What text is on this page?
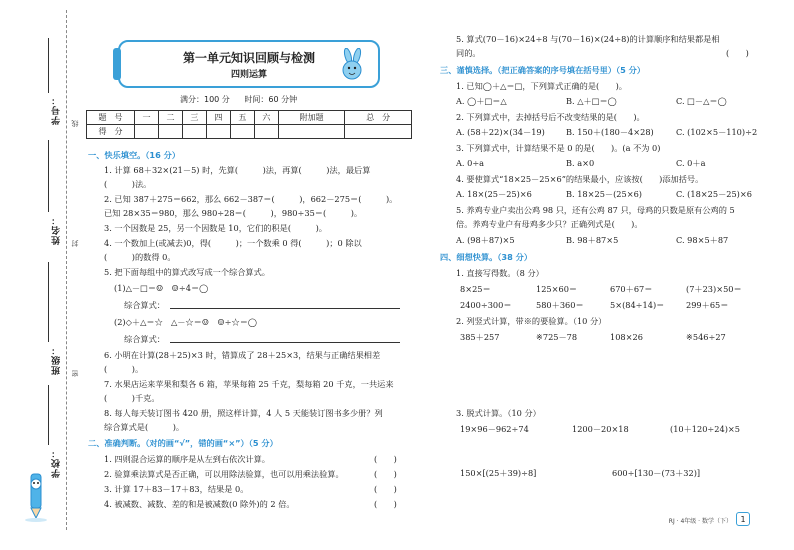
学号：
姓名：
班级：
学校：
线
封
密
第一单元知识回顾与检测
四则运算
满分：100 分 时间：60 分钟
题　号	一	二	三	四	五	六	附加题	总　分
得　分								
一、快乐填空。（16 分）
1. 计算 68＋32×(21－5) 时，先算(　　　)法，再算(　　　)法，最后算
(　　　)法。
2. 已知 387＋275＝662，那么 662－387＝(　　　)，662－275＝(　　　)。
已知 28×35＝980，那么 980÷28＝(　　　)，980÷35＝(　　　)。
3. 一个因数是 25，另一个因数是 10，它们的积是(　　　)。
4. 一个数加上(或减去)0，得(　　　)；一个数乘 0 得(　　　)；0 除以
(　　　)的数得 0。
5. 把下面每组中的算式改写成一个综合算式。
(1)△－□＝☺　☺÷4＝◯
综合算式：
(2)◇＋△＝☆　△－☆＝☺　☺÷☆＝◯
综合算式：
6. 小明在计算(28＋25)×3 时，错算成了 28＋25×3，结果与正确结果相差
(　　　)。
7. 水果店运来苹果和梨各 6 箱，苹果每箱 25 千克，梨每箱 20 千克，一共运来
(　　　)千克。
8. 每人每天装订图书 420 册，照这样计算，4 人 5 天能装订图书多少册？列
综合算式是(　　　)。
二、准确判断。（对的画“√”，错的画“×”）（5 分）
1. 四则混合运算的顺序是从左到右依次计算。	(　　)
2. 验算乘法算式是否正确，可以用除法验算，也可以用乘法验算。	(　　)
3. 计算 17＋83－17＋83，结果是 0。	(　　)
4. 被减数、减数、差的和是被减数(0 除外)的 2 倍。	(　　)
5. 算式(70－16)×24÷8 与(70－16)×(24÷8)的计算顺序和结果都是相
同的。	(　　)
三、谨慎选择。（把正确答案的序号填在括号里）（5 分）
1. 已知◯＋△＝□，下列算式正确的是(　　)。
A. ◯＋□＝△	B. △＋□＝◯	C. □－△＝◯
2. 下列算式中，去掉括号后不改变结果的是(　　)。
A. (58＋22)×(34－19)	B. 150＋(180－4×28)	C. (102×5－110)÷2
3. 下列算式中，计算结果不是 0 的是(　　)。(a 不为 0)
A. 0÷a	B. a×0	C. 0＋a
4. 要使算式“18×25－25×6”的结果最小，应该按(　　)添加括号。
A. 18×(25－25)×6	B. 18×25－(25×6)	C. (18×25－25)×6
5. 养鸡专业户卖出公鸡 98 只，还有公鸡 87 只，母鸡的只数是原有公鸡的 5
倍。养鸡专业户有母鸡多少只？正确列式是(　　)。
A. (98＋87)×5	B. 98＋87×5	C. 98×5＋87
四、细想快算。（38 分）
1. 直接写得数。（8 分）
8×25＝	125×60＝	670＋67＝	(7＋23)×50＝
2400÷300＝	580＋360＝	5×(84÷14)＝	299＋65＝
2. 列竖式计算，带※的要验算。（10 分）
385＋257	※725－78	108×26	※546÷27
3. 脱式计算。（10 分）
19×96－962÷74	1200－20×18	(10＋120÷24)×5
150×[(25＋39)÷8]	600÷[130－(73＋32)]
RJ · 4年级 · 数学（下）	1
